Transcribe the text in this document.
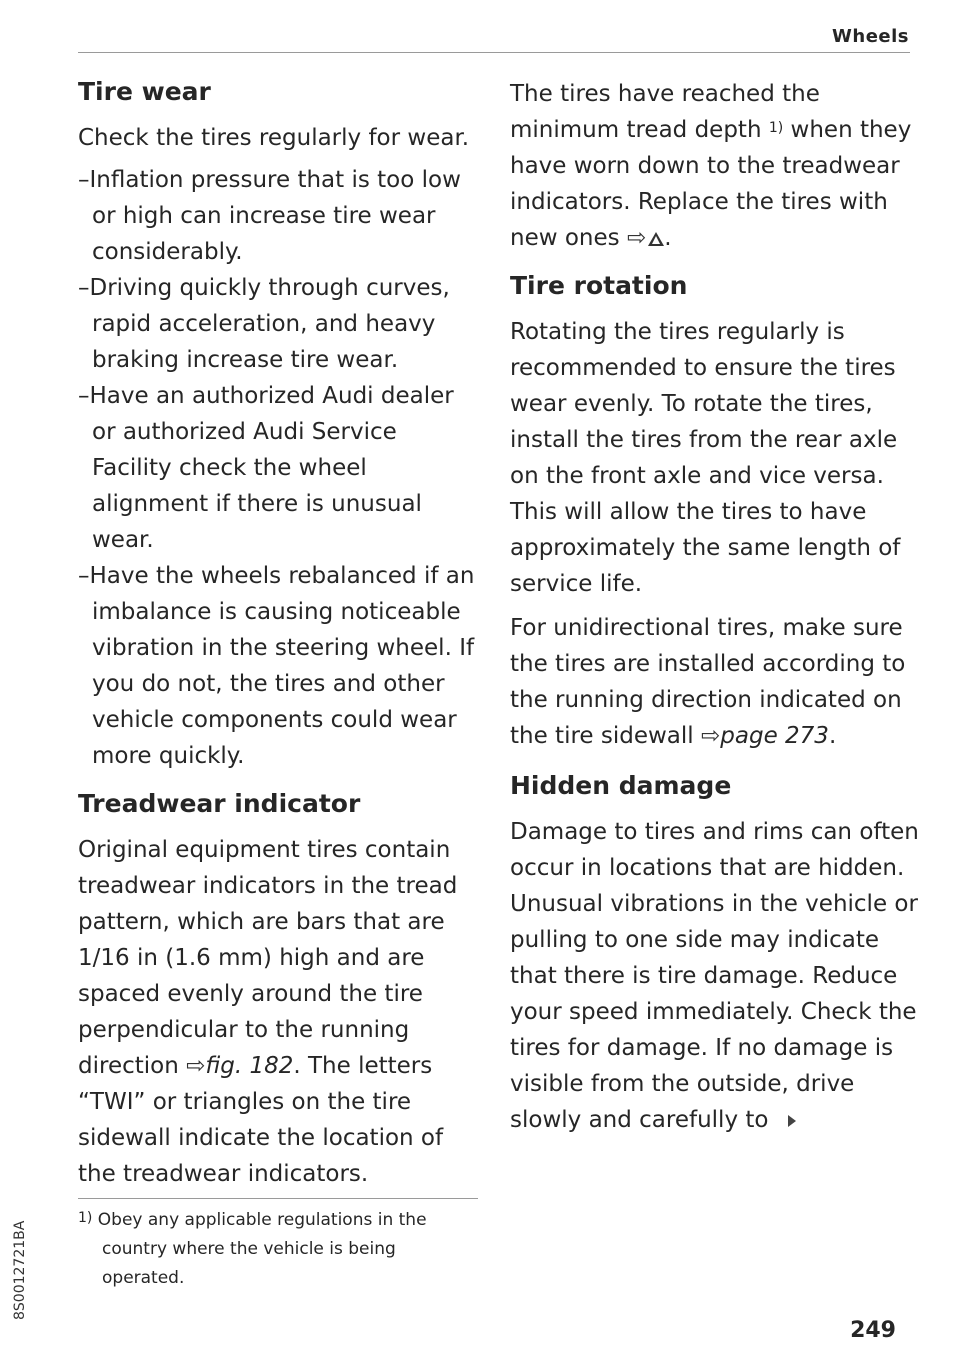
Wheels
Tire wear

Check the tires regularly for wear.

–Inflation pressure that is too low or high can increase tire wear considerably.
–Driving quickly through curves, rapid acceleration, and heavy braking increase tire wear.
–Have an authorized Audi dealer or authorized Audi Service Facility check the wheel alignment if there is unusual wear.
–Have the wheels rebalanced if an imbalance is causing noticeable vibration in the steering wheel. If you do not, the tires and other vehicle components could wear more quickly.
Treadwear indicator

Original equipment tires contain treadwear indicators in the tread pattern, which are bars that are 1/16 in (1.6 mm) high and are spaced evenly around the tire perpendicular to the running direction ⇨fig. 182. The letters “TWI” or triangles on the tire sidewall indicate the location of the treadwear indicators.

The tires have reached the minimum tread depth $^{1)}$ when they have worn down to the treadwear indicators. Replace the tires with new ones ⇨ .

Tire rotation

Rotating the tires regularly is recommended to ensure the tires wear evenly. To rotate the tires, install the tires from the rear axle on the front axle and vice versa. This will allow the tires to have approximately the same length of service life.

For unidirectional tires, make sure the tires are installed according to the running direction indicated on the tire sidewall ⇨page 273.

Hidden damage

Damage to tires and rims can often occur in locations that are hidden. Unusual vibrations in the vehicle or pulling to one side may indicate that there is tire damage. Reduce your speed immediately. Check the tires for damage. If no damage is visible from the outside, drive slowly and carefully to

$^{1)}$ Obey any applicable regulations in the country where the vehicle is being operated.
8S0012721BA
249
